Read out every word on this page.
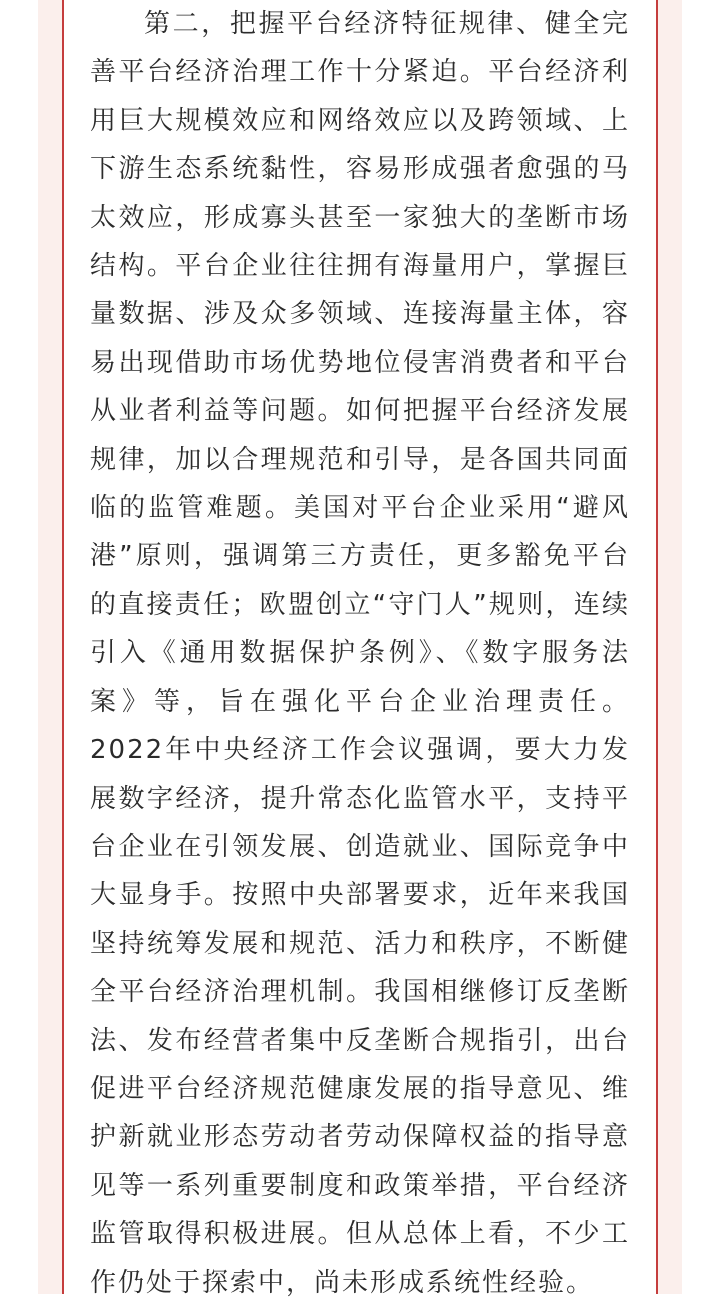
第二，把握平台经济特征规律、健全完善平台经济治理工作十分紧迫。平台经济利用巨大规模效应和网络效应以及跨领域、上下游生态系统黏性，容易形成强者愈强的马太效应，形成寡头甚至一家独大的垄断市场结构。平台企业往往拥有海量用户，掌握巨量数据、涉及众多领域、连接海量主体，容易出现借助市场优势地位侵害消费者和平台从业者利益等问题。如何把握平台经济发展规律，加以合理规范和引导，是各国共同面临的监管难题。美国对平台企业采用“避风港”原则，强调第三方责任，更多豁免平台的直接责任；欧盟创立“守门人”规则，连续引入《通用数据保护条例》、《数字服务法案》等，旨在强化平台企业治理责任。2022年中央经济工作会议强调，要大力发展数字经济，提升常态化监管水平，支持平台企业在引领发展、创造就业、国际竞争中大显身手。按照中央部署要求，近年来我国坚持统筹发展和规范、活力和秩序，不断健全平台经济治理机制。我国相继修订反垄断法、发布经营者集中反垄断合规指引，出台促进平台经济规范健康发展的指导意见、维护新就业形态劳动者劳动保障权益的指导意见等一系列重要制度和政策举措，平台经济监管取得积极进展。但从总体上看，不少工作仍处于探索中，尚未形成系统性经验。
